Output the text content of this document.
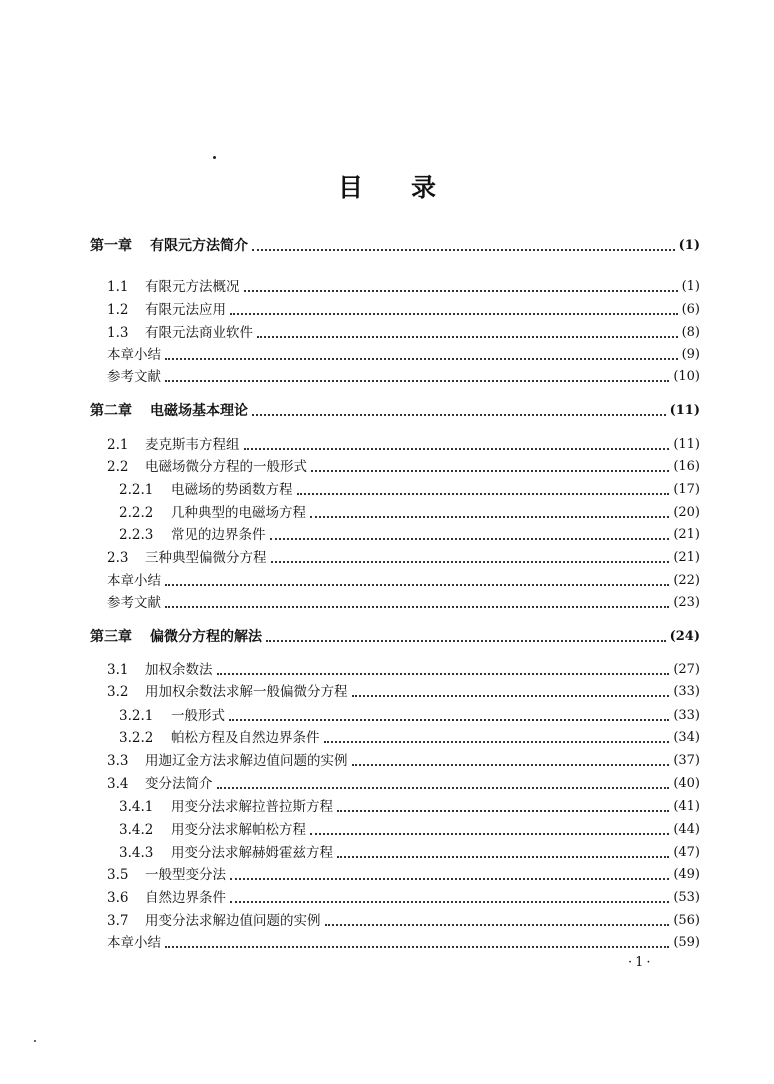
目录
第一章	有限元方法简介	(1)
1.1	有限元方法概况	(1)
1.2	有限元法应用	(6)
1.3	有限元法商业软件	(8)
本章小结	(9)
参考文献	(10)
第二章	电磁场基本理论	(11)
2.1	麦克斯韦方程组	(11)
2.2	电磁场微分方程的一般形式	(16)
2.2.1	电磁场的势函数方程	(17)
2.2.2	几种典型的电磁场方程	(20)
2.2.3	常见的边界条件	(21)
2.3	三种典型偏微分方程	(21)
本章小结	(22)
参考文献	(23)
第三章	偏微分方程的解法	(24)
3.1	加权余数法	(27)
3.2	用加权余数法求解一般偏微分方程	(33)
3.2.1	一般形式	(33)
3.2.2	帕松方程及自然边界条件	(34)
3.3	用迦辽金方法求解边值问题的实例	(37)
3.4	变分法简介	(40)
3.4.1	用变分法求解拉普拉斯方程	(41)
3.4.2	用变分法求解帕松方程	(44)
3.4.3	用变分法求解赫姆霍兹方程	(47)
3.5	一般型变分法	(49)
3.6	自然边界条件	(53)
3.7	用变分法求解边值问题的实例	(56)
本章小结	(59)
·1·
